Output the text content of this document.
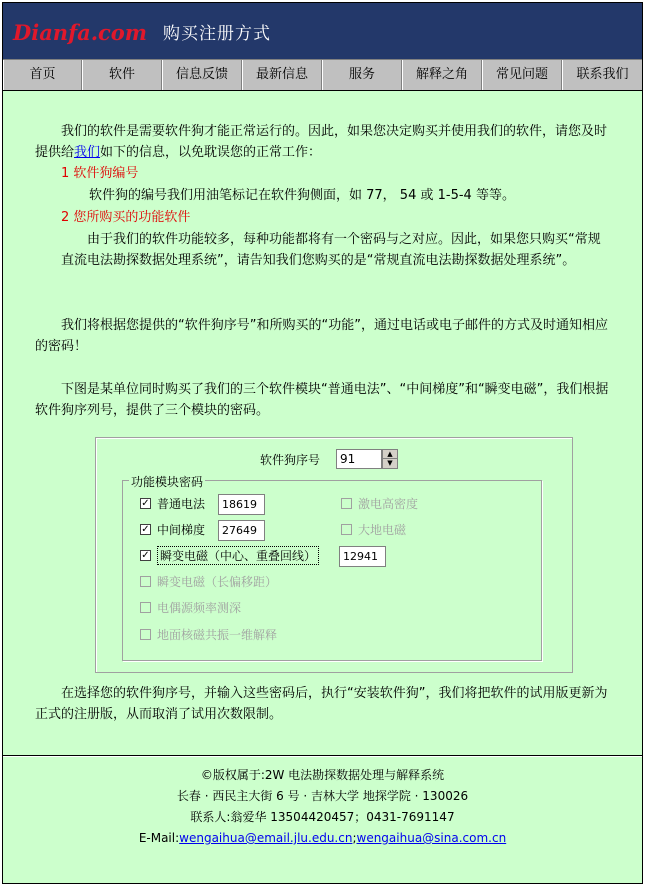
Dianfa.com 购买注册方式
首页	软件	信息反馈	最新信息	服务	解释之角	常见问题	联系我们
我们的软件是需要软件狗才能正常运行的。因此，如果您决定购买并使用我们的软件，请您及时提供给我们如下的信息，以免耽误您的正常工作：
1 软件狗编号
软件狗的编号我们用油笔标记在软件狗侧面，如 77， 54 或 1-5-4 等等。
2 您所购买的功能软件
由于我们的软件功能较多，每种功能都将有一个密码与之对应。因此，如果您只购买“常规直流电法勘探数据处理系统”，请告知我们您购买的是“常规直流电法勘探数据处理系统”。
我们将根据您提供的“软件狗序号”和所购买的“功能”，通过电话或电子邮件的方式及时通知相应的密码！
下图是某单位同时购买了我们的三个软件模块“普通电法”、“中间梯度”和“瞬变电磁”，我们根据软件狗序列号，提供了三个模块的密码。
在选择您的软件狗序号，并输入这些密码后，执行“安装软件狗”，我们将把软件的试用版更新为正式的注册版，从而取消了试用次数限制。
软件狗序号	91	▲
▼
功能模块密码
✓ 普通电法	18619
✓ 中间梯度	27649
✓ 瞬变电磁（中心、重叠回线）	12941
瞬变电磁（长偏移距）
电偶源频率测深
地面核磁共振一维解释
激电高密度
大地电磁
©版权属于:2W 电法勘探数据处理与解释系统
长春 · 西民主大街 6 号 · 吉林大学 地探学院 · 130026
联系人:翁爱华 13504420457；0431-7691147
E-Mail:wengaihua@email.jlu.edu.cn;wengaihua@sina.com.cn
